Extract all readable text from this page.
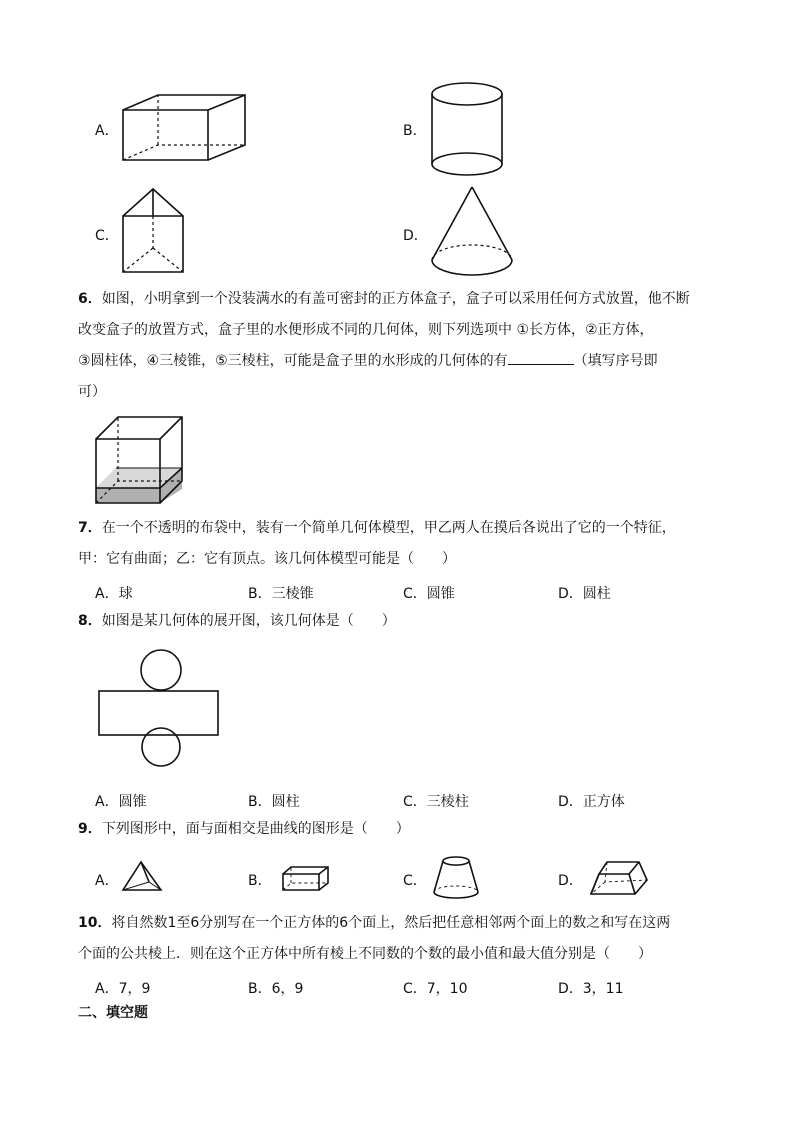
A．	B．
C．	D．
6．如图，小明拿到一个没装满水的有盖可密封的正方体盒子，盒子可以采用任何方式放置，他不断
改变盒子的放置方式，盒子里的水便形成不同的几何体，则下列选项中 ①长方体，②正方体，
③圆柱体，④三棱锥，⑤三棱柱，可能是盒子里的水形成的几何体的有	（填写序号即
可）
7．在一个不透明的布袋中，装有一个简单几何体模型，甲乙两人在摸后各说出了它的一个特征，
甲：它有曲面；乙：它有顶点。该几何体模型可能是（　　）
A．球	B．三棱锥	C．圆锥	D．圆柱
8．如图是某几何体的展开图，该几何体是（　　）
A．圆锥	B．圆柱	C．三棱柱	D．正方体
9．下列图形中，面与面相交是曲线的图形是（　　）
A．	B．	C．	D．
10．将自然数1至6分别写在一个正方体的6个面上，然后把任意相邻两个面上的数之和写在这两
个面的公共棱上．则在这个正方体中所有棱上不同数的个数的最小值和最大值分别是（　　）
A．7，9	B．6，9	C．7，10	D．3，11
二、填空题
